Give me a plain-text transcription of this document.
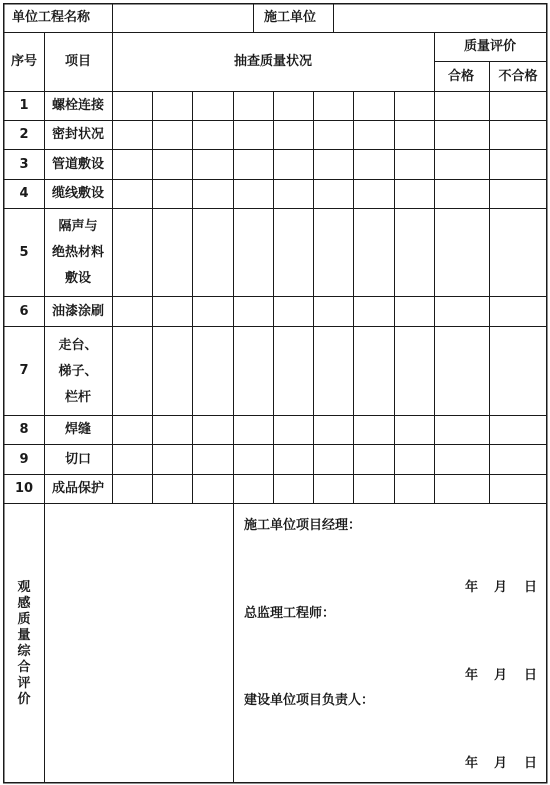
单位工程名称	施工单位
序号 项目	抽查质量状况
质量评价
合格 不合格
1
2
3
4
5
6
7
8
9
10
螺栓连接
密封状况
管道敷设
缆线敷设
隔声与
绝热材料
敷设
油漆涂刷
走台、
梯子、
栏杆
焊缝
切口
成品保护
观感质量综合评价
施工单位项目经理：
年 月 日
总监理工程师：
年 月 日
建设单位项目负责人：
年 月 日
